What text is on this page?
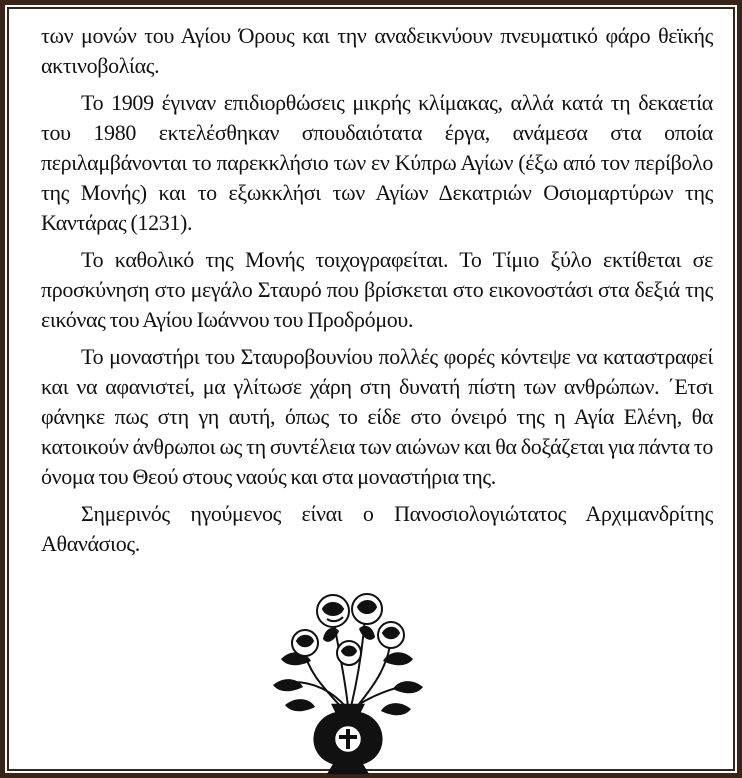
των μονών του Αγίου Όρους και την αναδεικνύουν πνευματικό φάρο θεϊκής ακτινοβολίας.

Το 1909 έγιναν επιδιορθώσεις μικρής κλίμακας, αλλά κατά τη δεκαετία του 1980 εκτελέσθηκαν σπουδαιότατα έργα, ανάμεσα στα οποία περιλαμβάνονται το παρεκκλήσιο των εν Κύπρω Αγίων (έξω από τον περίβολο της Μονής) και το εξωκκλήσι των Αγίων Δεκατριών Οσιομαρτύρων της Καντάρας (1231).

Το καθολικό της Μονής τοιχογραφείται. Το Τίμιο ξύλο εκτίθεται σε προσκύνηση στο μεγάλο Σταυρό που βρίσκεται στο εικονοστάσι στα δεξιά της εικόνας του Αγίου Ιωάννου του Προδρόμου.

Το μοναστήρι του Σταυροβουνίου πολλές φορές κόντεψε να καταστραφεί και να αφανιστεί, μα γλίτωσε χάρη στη δυνατή πίστη των ανθρώπων. ΄Ετσι φάνηκε πως στη γη αυτή, όπως το είδε στο όνειρό της η Αγία Ελένη, θα κατοικούν άνθρωποι ως τη συντέλεια των αιώνων και θα δοξάζεται για πάντα το όνομα του Θεού στους ναούς και στα μοναστήρια της.

Σημερινός ηγούμενος είναι ο Πανοσιολογιώτατος Αρχιμανδρίτης Αθανάσιος.
